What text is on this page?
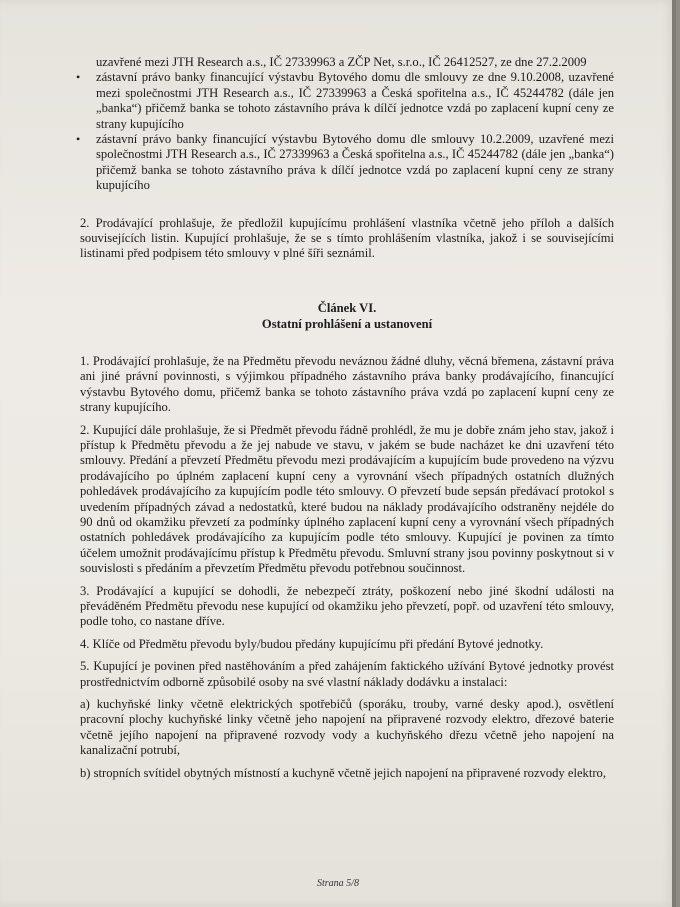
uzavřené mezi JTH Research a.s., IČ 27339963 a ZČP Net, s.r.o., IČ 26412527, ze dne 27.2.2009

• zástavní právo banky financující výstavbu Bytového domu dle smlouvy ze dne 9.10.2008, uzavřené mezi společnostmi JTH Research a.s., IČ 27339963 a Česká spořitelna a.s., IČ 45244782 (dále jen „banka“) přičemž banka se tohoto zástavního práva k dílčí jednotce vzdá po zaplacení kupní ceny ze strany kupujícího
• zástavní právo banky financující výstavbu Bytového domu dle smlouvy 10.2.2009, uzavřené mezi společnostmi JTH Research a.s., IČ 27339963 a Česká spořitelna a.s., IČ 45244782 (dále jen „banka“) přičemž banka se tohoto zástavního práva k dílčí jednotce vzdá po zaplacení kupní ceny ze strany kupujícího

2. Prodávající prohlašuje, že předložil kupujícímu prohlášení vlastníka včetně jeho příloh a dalších souvisejících listin. Kupující prohlašuje, že se s tímto prohlášením vlastníka, jakož i se souvisejícími listinami před podpisem této smlouvy v plné šíři seznámil.

Článek VI.
Ostatní prohlášení a ustanovení

1. Prodávající prohlašuje, že na Předmětu převodu neváznou žádné dluhy, věcná břemena, zástavní práva ani jiné právní povinnosti, s výjimkou případného zástavního práva banky prodávajícího, financující výstavbu Bytového domu, přičemž banka se tohoto zástavního práva vzdá po zaplacení kupní ceny ze strany kupujícího.

2. Kupující dále prohlašuje, že si Předmět převodu řádně prohlédl, že mu je dobře znám jeho stav, jakož i přístup k Předmětu převodu a že jej nabude ve stavu, v jakém se bude nacházet ke dni uzavření této smlouvy. Předání a převzetí Předmětu převodu mezi prodávajícím a kupujícím bude provedeno na výzvu prodávajícího po úplném zaplacení kupní ceny a vyrovnání všech případných ostatních dlužných pohledávek prodávajícího za kupujícím podle této smlouvy. O převzetí bude sepsán předávací protokol s uvedením případných závad a nedostatků, které budou na náklady prodávajícího odstraněny nejdéle do 90 dnů od okamžiku převzetí za podmínky úplného zaplacení kupní ceny a vyrovnání všech případných ostatních pohledávek prodávajícího za kupujícím podle této smlouvy. Kupující je povinen za tímto účelem umožnit prodávajícímu přístup k Předmětu převodu. Smluvní strany jsou povinny poskytnout si v souvislosti s předáním a převzetím Předmětu převodu potřebnou součinnost.

3. Prodávající a kupující se dohodli, že nebezpečí ztráty, poškození nebo jiné škodní události na převáděném Předmětu převodu nese kupující od okamžiku jeho převzetí, popř. od uzavření této smlouvy, podle toho, co nastane dříve.

4. Klíče od Předmětu převodu byly/budou předány kupujícímu při předání Bytové jednotky.

5. Kupující je povinen před nastěhováním a před zahájením faktického užívání Bytové jednotky provést prostřednictvím odborně způsobilé osoby na své vlastní náklady dodávku a instalaci:

a) kuchyňské linky včetně elektrických spotřebičů (sporáku, trouby, varné desky apod.), osvětlení pracovní plochy kuchyňské linky včetně jeho napojení na připravené rozvody elektro, dřezové baterie včetně jejího napojení na připravené rozvody vody a kuchyňského dřezu včetně jeho napojení na kanalizační potrubí,

b) stropních svítidel obytných místností a kuchyně včetně jejich napojení na připravené rozvody elektro,

Strana 5/8
